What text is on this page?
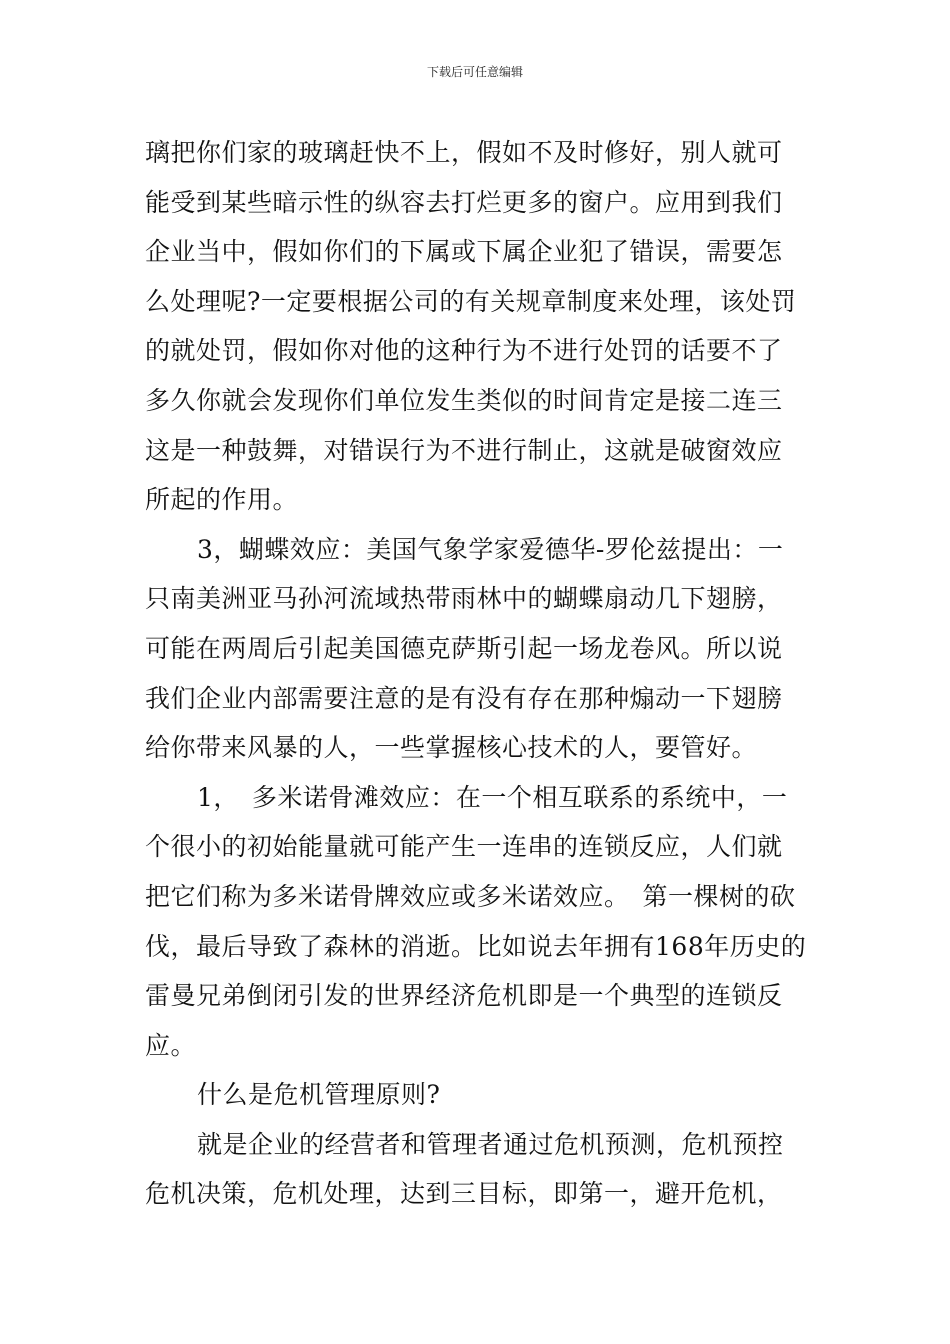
下载后可任意编辑
璃把你们家的玻璃赶快不上，假如不及时修好，别人就可
能受到某些暗示性的纵容去打烂更多的窗户。应用到我们
企业当中，假如你们的下属或下属企业犯了错误，需要怎
么处理呢?一定要根据公司的有关规章制度来处理，该处罚
的就处罚，假如你对他的这种行为不进行处罚的话要不了
多久你就会发现你们单位发生类似的时间肯定是接二连三
这是一种鼓舞，对错误行为不进行制止，这就是破窗效应
所起的作用。
3，蝴蝶效应：美国气象学家爱德华-罗伦兹提出：一
只南美洲亚马孙河流域热带雨林中的蝴蝶扇动几下翅膀，
可能在两周后引起美国德克萨斯引起一场龙卷风。所以说
我们企业内部需要注意的是有没有存在那种煽动一下翅膀
给你带来风暴的人，一些掌握核心技术的人，要管好。
1，　多米诺骨滩效应：在一个相互联系的系统中，一
个很小的初始能量就可能产生一连串的连锁反应，人们就
把它们称为多米诺骨牌效应或多米诺效应。　第一棵树的砍
伐，最后导致了森林的消逝。比如说去年拥有168年历史的
雷曼兄弟倒闭引发的世界经济危机即是一个典型的连锁反
应。
什么是危机管理原则?
就是企业的经营者和管理者通过危机预测，危机预控
危机决策，危机处理，达到三目标，即第一，避开危机，
